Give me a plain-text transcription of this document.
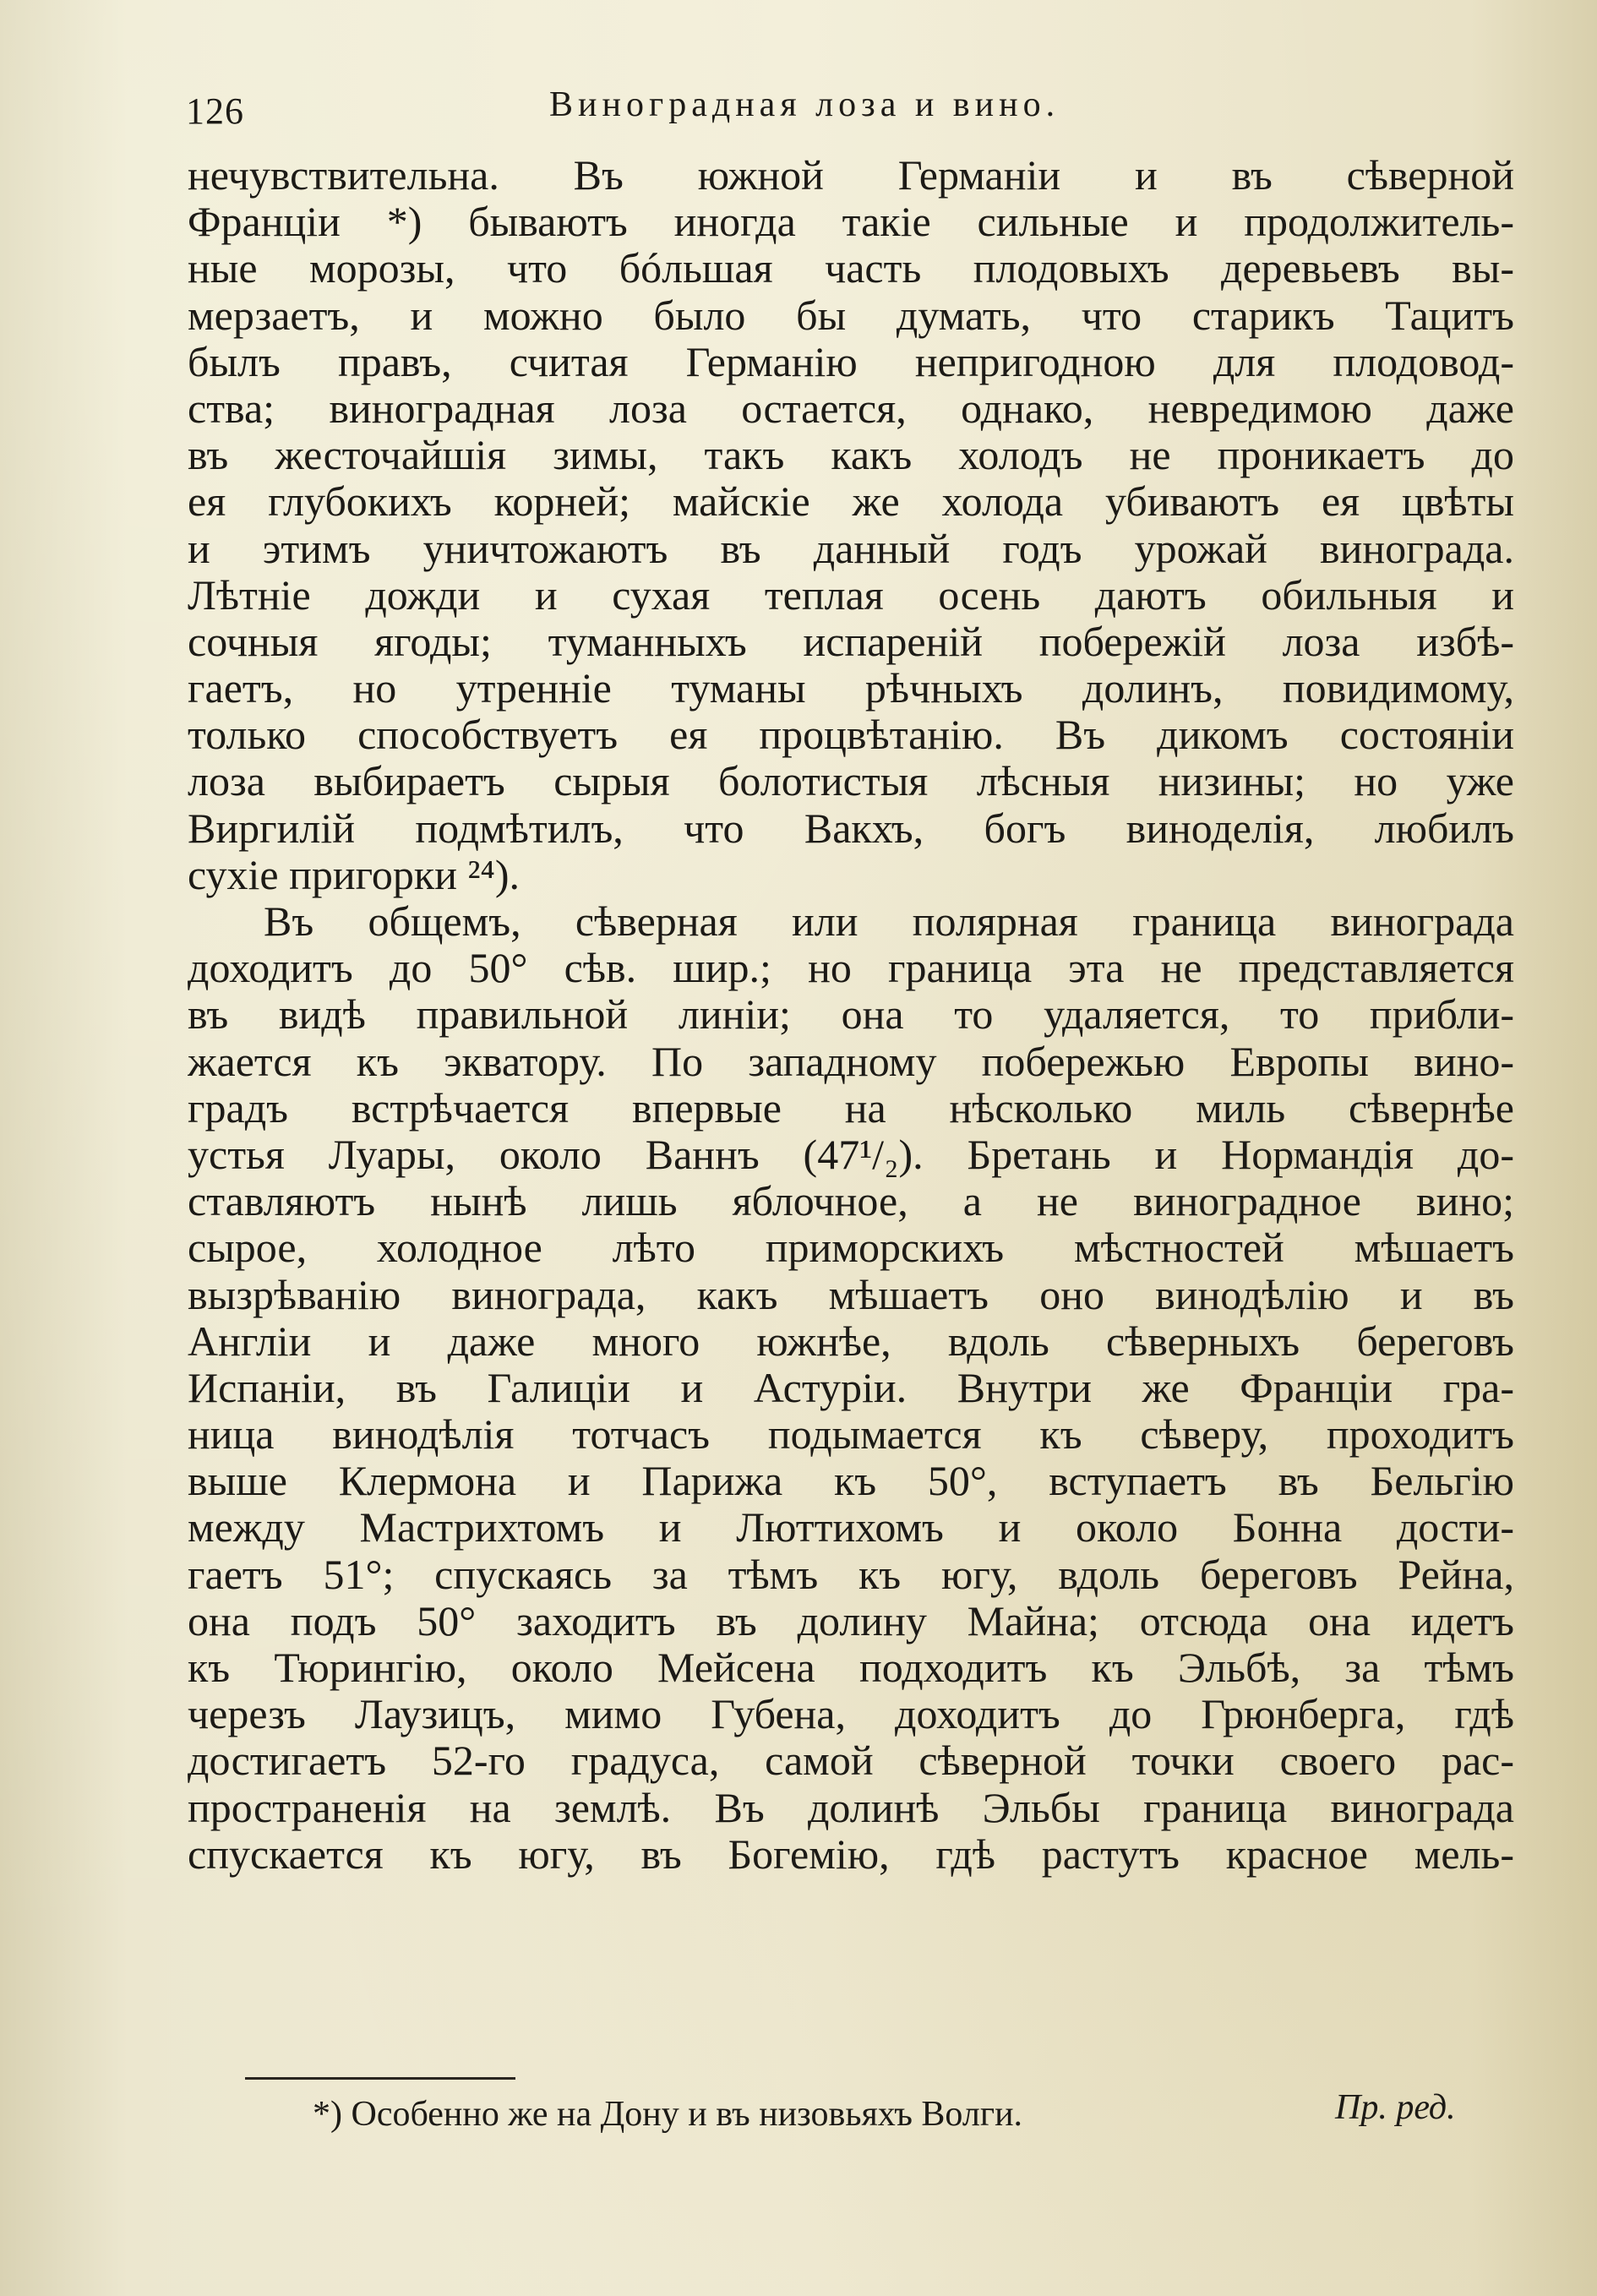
126	Виноградная лоза и вино.
нечувствительна. Въ южной Германіи и въ сѣверной
Франціи *) бываютъ иногда такіе сильные и продолжитель-
ные морозы, что бóльшая часть плодовыхъ деревьевъ вы-
мерзаетъ, и можно было бы думать, что старикъ Тацитъ
былъ правъ, считая Германію непригодною для плодовод-
ства; виноградная лоза остается, однако, невредимою даже
въ жесточайшія зимы, такъ какъ холодъ не проникаетъ до
ея глубокихъ корней; майскіе же холода убиваютъ ея цвѣты
и этимъ уничтожаютъ въ данный годъ урожай винограда.
Лѣтніе дожди и сухая теплая осень даютъ обильныя и
сочныя ягоды; туманныхъ испареній побережій лоза избѣ-
гаетъ, но утренніе туманы рѣчныхъ долинъ, повидимому,
только способствуетъ ея процвѣтанію. Въ дикомъ состояніи
лоза выбираетъ сырыя болотистыя лѣсныя низины; но уже
Виргилій подмѣтилъ, что Вакхъ, богъ виноделія, любилъ
сухіе пригорки ²⁴).
Въ общемъ, сѣверная или полярная граница винограда
доходитъ до 50° сѣв. шир.; но граница эта не представляется
въ видѣ правильной линіи; она то удаляется, то прибли-
жается къ экватору. По западному побережью Европы вино-
градъ встрѣчается впервые на нѣсколько миль сѣвернѣе
устья Луары, около Ваннъ (47¹/₂). Бретань и Нормандія до-
ставляютъ нынѣ лишь яблочное, а не виноградное вино;
сырое, холодное лѣто приморскихъ мѣстностей мѣшаетъ
вызрѣванію винограда, какъ мѣшаетъ оно винодѣлію и въ
Англіи и даже много южнѣе, вдоль сѣверныхъ береговъ
Испаніи, въ Галиціи и Астуріи. Внутри же Франціи гра-
ница винодѣлія тотчасъ подымается къ сѣверу, проходитъ
выше Клермона и Парижа къ 50°, вступаетъ въ Бельгію
между Мастрихтомъ и Люттихомъ и около Бонна дости-
гаетъ 51°; спускаясь за тѣмъ къ югу, вдоль береговъ Рейна,
она подъ 50° заходитъ въ долину Майна; отсюда она идетъ
къ Тюрингію, около Мейсена подходитъ къ Эльбѣ, за тѣмъ
черезъ Лаузицъ, мимо Губена, доходитъ до Грюнберга, гдѣ
достигаетъ 52-го градуса, самой сѣверной точки своего рас-
пространенія на землѣ. Въ долинѣ Эльбы граница винограда
спускается къ югу, въ Богемію, гдѣ растутъ красное мель-
*) Особенно же на Дону и въ низовьяхъ Волги.	Пр. ред.
